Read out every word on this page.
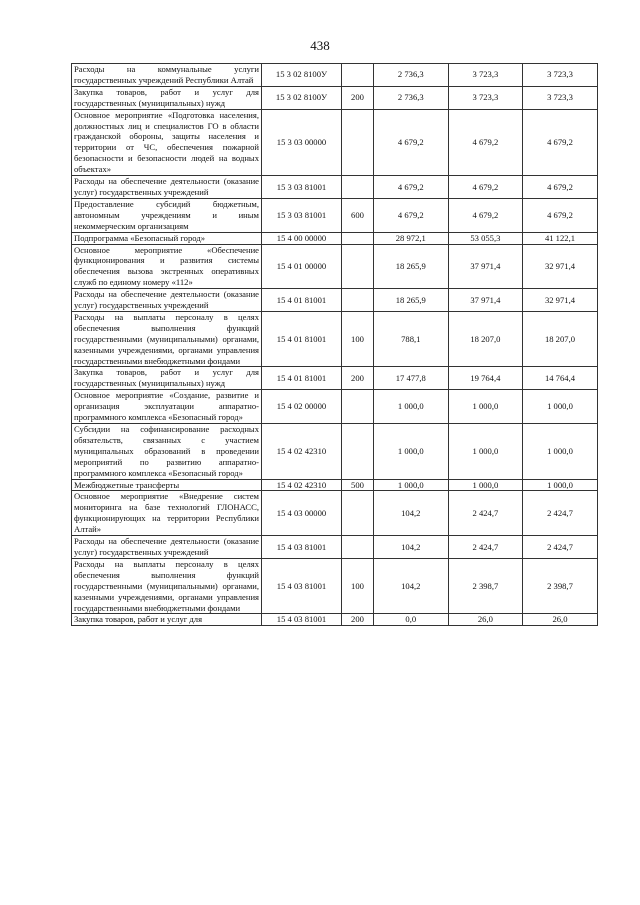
438
Расходы на коммунальные услуги государственных учреждений Республики Алтай	15 3 02 8100У		2 736,3	3 723,3	3 723,3
Закупка товаров, работ и услуг для государственных (муниципальных) нужд	15 3 02 8100У	200	2 736,3	3 723,3	3 723,3
Основное мероприятие «Подготовка населения, должностных лиц и специалистов ГО в области гражданской обороны, защиты населения и территории от ЧС, обеспечения пожарной безопасности и безопасности людей на водных объектах»	15 3 03 00000		4 679,2	4 679,2	4 679,2
Расходы на обеспечение деятельности (оказание услуг) государственных учреждений	15 3 03 81001		4 679,2	4 679,2	4 679,2
Предоставление субсидий бюджетным, автономным учреждениям и иным некоммерческим организациям	15 3 03 81001	600	4 679,2	4 679,2	4 679,2
Подпрограмма «Безопасный город»	15 4 00 00000		28 972,1	53 055,3	41 122,1
Основное мероприятие «Обеспечение функционирования и развития системы обеспечения вызова экстренных оперативных служб по единому номеру «112»	15 4 01 00000		18 265,9	37 971,4	32 971,4
Расходы на обеспечение деятельности (оказание услуг) государственных учреждений	15 4 01 81001		18 265,9	37 971,4	32 971,4
Расходы на выплаты персоналу в целях обеспечения выполнения функций государственными (муниципальными) органами, казенными учреждениями, органами управления государственными внебюджетными фондами	15 4 01 81001	100	788,1	18 207,0	18 207,0
Закупка товаров, работ и услуг для государственных (муниципальных) нужд	15 4 01 81001	200	17 477,8	19 764,4	14 764,4
Основное мероприятие «Создание, развитие и организация эксплуатации аппаратно-программного комплекса «Безопасный город»	15 4 02 00000		1 000,0	1 000,0	1 000,0
Субсидии на софинансирование расходных обязательств, связанных с участием муниципальных образований в проведении мероприятий по развитию аппаратно-программного комплекса «Безопасный город»	15 4 02 42310		1 000,0	1 000,0	1 000,0
Межбюджетные трансферты	15 4 02 42310	500	1 000,0	1 000,0	1 000,0
Основное мероприятие «Внедрение систем мониторинга на базе технологий ГЛОНАСС, функционирующих на территории Республики Алтай»	15 4 03 00000		104,2	2 424,7	2 424,7
Расходы на обеспечение деятельности (оказание услуг) государственных учреждений	15 4 03 81001		104,2	2 424,7	2 424,7
Расходы на выплаты персоналу в целях обеспечения выполнения функций государственными (муниципальными) органами, казенными учреждениями, органами управления государственными внебюджетными фондами	15 4 03 81001	100	104,2	2 398,7	2 398,7
Закупка товаров, работ и услуг для	15 4 03 81001	200	0,0	26,0	26,0
